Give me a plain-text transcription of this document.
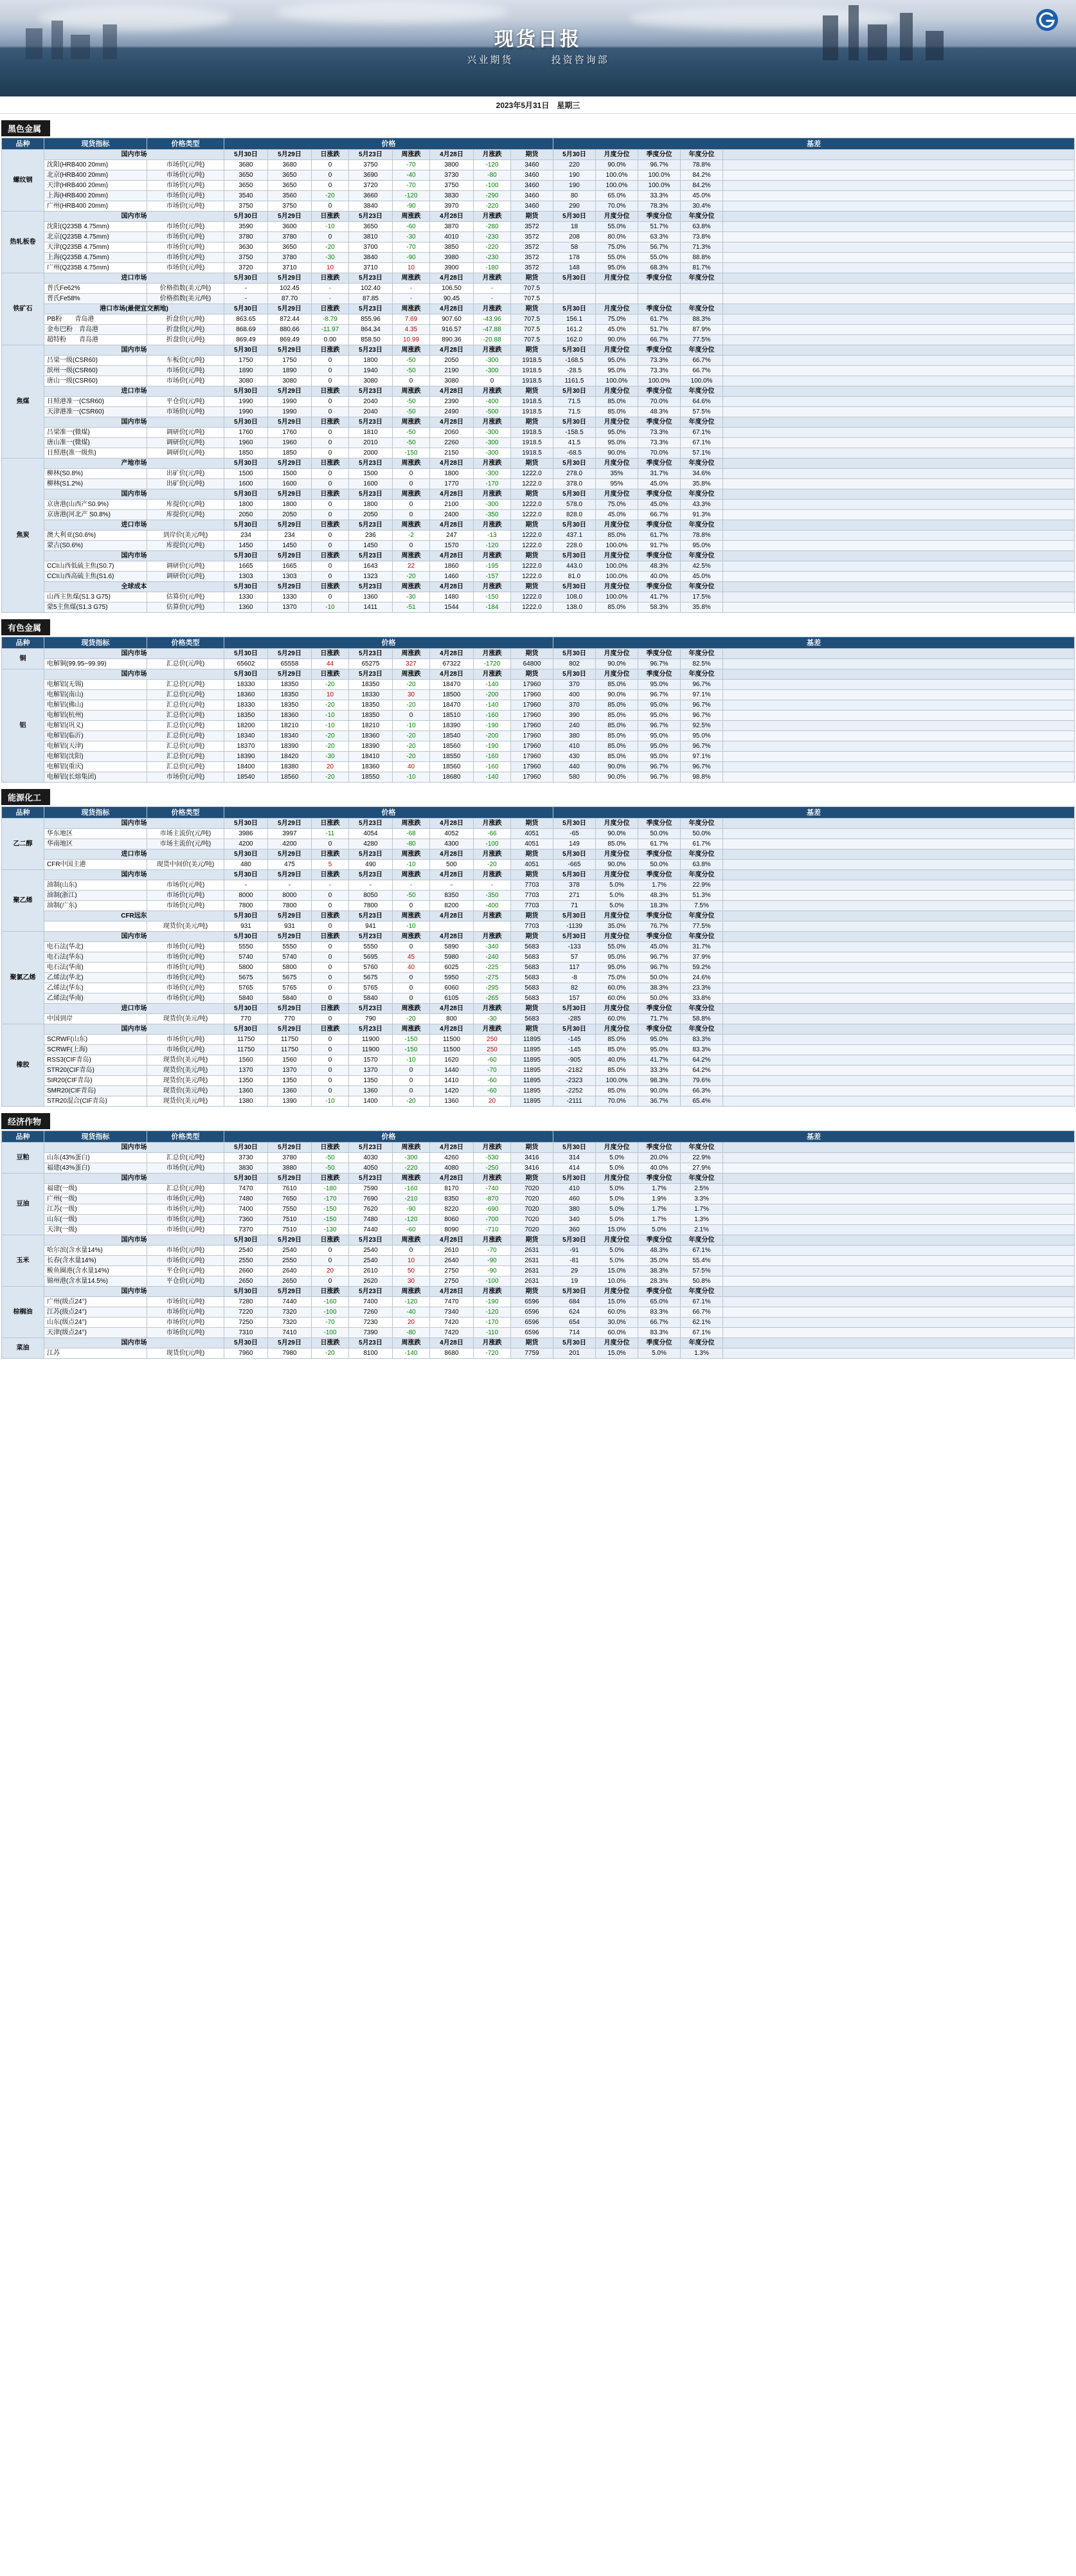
现货日报
兴业期货	投资咨询部
2023年5月31日　星期三
黑色金属
品种	现货指标	价格类型	价格								基差				
螺纹钢	国内市场		5月30日	5月29日	日涨跌	5月23日	周涨跌	4月28日	月涨跌	期货	5月30日	月度分位	季度分位	年度分位	
	沈阳(HRB400 20mm)	市场价(元/吨)	3680	3680	0	3750	-70	3800	-120	3460	220	90.0%	96.7%	78.8%	
	北京(HRB400 20mm)	市场价(元/吨)	3650	3650	0	3690	-40	3730	-80	3460	190	100.0%	100.0%	84.2%	
	天津(HRB400 20mm)	市场价(元/吨)	3650	3650	0	3720	-70	3750	-100	3460	190	100.0%	100.0%	84.2%	
	上海(HRB400 20mm)	市场价(元/吨)	3540	3560	-20	3660	-120	3830	-290	3460	80	65.0%	33.3%	45.0%	
	广州(HRB400 20mm)	市场价(元/吨)	3750	3750	0	3840	-90	3970	-220	3460	290	70.0%	78.3%	30.4%	
热轧板卷	国内市场		5月30日	5月29日	日涨跌	5月23日	周涨跌	4月28日	月涨跌	期货	5月30日	月度分位	季度分位	年度分位	
	沈阳(Q235B 4.75mm)	市场价(元/吨)	3590	3600	-10	3650	-60	3870	-280	3572	18	55.0%	51.7%	63.8%	
	北京(Q235B 4.75mm)	市场价(元/吨)	3780	3780	0	3810	-30	4010	-230	3572	208	80.0%	63.3%	73.8%	
	天津(Q235B 4.75mm)	市场价(元/吨)	3630	3650	-20	3700	-70	3850	-220	3572	58	75.0%	56.7%	71.3%	
	上海(Q235B 4.75mm)	市场价(元/吨)	3750	3780	-30	3840	-90	3980	-230	3572	178	55.0%	55.0%	88.8%	
	广州(Q235B 4.75mm)	市场价(元/吨)	3720	3710	10	3710	10	3900	-180	3572	148	95.0%	68.3%	81.7%	
铁矿石	进口市场		5月30日	5月29日	日涨跌	5月23日	周涨跌	4月28日	月涨跌	期货	5月30日	月度分位	季度分位	年度分位	
	普氏Fe62%	价格指数(美元/吨)	-	102.45	-	102.40	-	106.50	-	707.5					
	普氏Fe58%	价格指数(美元/吨)	-	87.70	-	87.85	-	90.45	-	707.5					
	港口市场(最便宜交割地)		5月30日	5月29日	日涨跌	5月23日	周涨跌	4月28日	月涨跌	期货	5月30日	月度分位	季度分位	年度分位	
	PB粉　　青岛港	折盘价(元/吨)	863.65	872.44	-8.79	855.96	7.69	907.60	-43.96	707.5	156.1	75.0%	61.7%	88.3%	
	金布巴粉　青岛港	折盘价(元/吨)	868.69	880.66	-11.97	864.34	4.35	916.57	-47.88	707.5	161.2	45.0%	51.7%	87.9%	
	超特粉　　青岛港	折盘价(元/吨)	869.49	869.49	0.00	858.50	10.99	890.36	-20.88	707.5	162.0	90.0%	66.7%	77.5%	
焦煤	国内市场		5月30日	5月29日	日涨跌	5月23日	周涨跌	4月28日	月涨跌	期货	5月30日	月度分位	季度分位	年度分位	
	吕梁一级(CSR60)	车板价(元/吨)	1750	1750	0	1800	-50	2050	-300	1918.5	-168.5	95.0%	73.3%	66.7%	
	滨州一级(CSR60)	市场价(元/吨)	1890	1890	0	1940	-50	2190	-300	1918.5	-28.5	95.0%	73.3%	66.7%	
	唐山一级(CSR60)	市场价(元/吨)	3080	3080	0	3080	0	3080	0	1918.5	1161.5	100.0%	100.0%	100.0%	
	进口市场		5月30日	5月29日	日涨跌	5月23日	周涨跌	4月28日	月涨跌	期货	5月30日	月度分位	季度分位	年度分位	
	日照港准一(CSR60)	平仓价(元/吨)	1990	1990	0	2040	-50	2390	-400	1918.5	71.5	85.0%	70.0%	64.6%	
	天津港准一(CSR60)	市场价(元/吨)	1990	1990	0	2040	-50	2490	-500	1918.5	71.5	85.0%	48.3%	57.5%	
	国内市场		5月30日	5月29日	日涨跌	5月23日	周涨跌	4月28日	月涨跌	期货	5月30日	月度分位	季度分位	年度分位	
	吕梁准一(微煤)	调研价(元/吨)	1760	1760	0	1810	-50	2060	-300	1918.5	-158.5	95.0%	73.3%	67.1%	
	唐山准一(微煤)	调研价(元/吨)	1960	1960	0	2010	-50	2260	-300	1918.5	41.5	95.0%	73.3%	67.1%	
	日照港(准一级焦)	调研价(元/吨)	1850	1850	0	2000	-150	2150	-300	1918.5	-68.5	90.0%	70.0%	57.1%	
焦炭	产地市场		5月30日	5月29日	日涨跌	5月23日	周涨跌	4月28日	月涨跌	期货	5月30日	月度分位	季度分位	年度分位	
	柳林(S0.8%)	出矿价(元/吨)	1500	1500	0	1500	0	1800	-300	1222.0	278.0	35%	31.7%	34.6%	
	柳林(S1.2%)	出矿价(元/吨)	1600	1600	0	1600	0	1770	-170	1222.0	378.0	95%	45.0%	35.8%	
	国内市场		5月30日	5月29日	日涨跌	5月23日	周涨跌	4月28日	月涨跌	期货	5月30日	月度分位	季度分位	年度分位	
	京唐港(山西产S0.9%)	库提价(元/吨)	1800	1800	0	1800	0	2100	-300	1222.0	578.0	75.0%	45.0%	43.3%	
	京唐港(河北产 S0.8%)	库提价(元/吨)	2050	2050	0	2050	0	2400	-350	1222.0	828.0	45.0%	66.7%	91.3%	
	进口市场		5月30日	5月29日	日涨跌	5月23日	周涨跌	4月28日	月涨跌	期货	5月30日	月度分位	季度分位	年度分位	
	澳大利亚(S0.6%)	到岸价(美元/吨)	234	234	0	236	-2	247	-13	1222.0	437.1	85.0%	61.7%	78.8%	
	蒙古(S0.6%)	库提价(元/吨)	1450	1450	0	1450	0	1570	-120	1222.0	228.0	100.0%	91.7%	95.0%	
	国内市场		5月30日	5月29日	日涨跌	5月23日	周涨跌	4月28日	月涨跌	期货	5月30日	月度分位	季度分位	年度分位	
	CCI山西低硫主焦(S0.7)	调研价(元/吨)	1665	1665	0	1643	22	1860	-195	1222.0	443.0	100.0%	48.3%	42.5%	
	CCI山西高硫主焦(S1.6)	调研价(元/吨)	1303	1303	0	1323	-20	1460	-157	1222.0	81.0	100.0%	40.0%	45.0%	
	全球成本		5月30日	5月29日	日涨跌	5月23日	周涨跌	4月28日	月涨跌	期货	5月30日	月度分位	季度分位	年度分位	
	山西主焦煤(S1.3 G75)	估算价(元/吨)	1330	1330	0	1360	-30	1480	-150	1222.0	108.0	100.0%	41.7%	17.5%	
	蒙5主焦煤(S1.3 G75)	估算价(元/吨)	1360	1370	-10	1411	-51	1544	-184	1222.0	138.0	85.0%	58.3%	35.8%	
有色金属
品种	现货指标	价格类型	价格								基差				
铜	国内市场		5月30日	5月29日	日涨跌	5月23日	周涨跌	4月28日	月涨跌	期货	5月30日	月度分位	季度分位	年度分位	
	电解铜(99.95~99.99)	汇总价(元/吨)	65602	65558	44	65275	327	67322	-1720	64800	802	90.0%	96.7%	82.5%	
铝	国内市场		5月30日	5月29日	日涨跌	5月23日	周涨跌	4月28日	月涨跌	期货	5月30日	月度分位	季度分位	年度分位	
	电解铝(无锡)	汇总价(元/吨)	18330	18350	-20	18350	-20	18470	-140	17960	370	85.0%	95.0%	96.7%	
	电解铝(南山)	汇总价(元/吨)	18360	18350	10	18330	30	18500	-200	17960	400	90.0%	96.7%	97.1%	
	电解铝(佛山)	汇总价(元/吨)	18330	18350	-20	18350	-20	18470	-140	17960	370	85.0%	95.0%	96.7%	
	电解铝(杭州)	汇总价(元/吨)	18350	18360	-10	18350	0	18510	-160	17960	390	85.0%	95.0%	96.7%	
	电解铝(巩义)	汇总价(元/吨)	18200	18210	-10	18210	-10	18390	-190	17960	240	85.0%	96.7%	92.5%	
	电解铝(临沂)	汇总价(元/吨)	18340	18340	-20	18360	-20	18540	-200	17960	380	85.0%	95.0%	95.0%	
	电解铝(天津)	汇总价(元/吨)	18370	18390	-20	18390	-20	18560	-190	17960	410	85.0%	95.0%	96.7%	
	电解铝(沈阳)	汇总价(元/吨)	18390	18420	-30	18410	-20	18550	-160	17960	430	85.0%	95.0%	97.1%	
	电解铝(重庆)	汇总价(元/吨)	18400	18380	20	18360	40	18560	-160	17960	440	90.0%	96.7%	96.7%	
	电解铝(长熔集团)	市场价(元/吨)	18540	18560	-20	18550	-10	18680	-140	17960	580	90.0%	96.7%	98.8%	
能源化工
品种	现货指标	价格类型	价格								基差				
乙二醇	国内市场		5月30日	5月29日	日涨跌	5月23日	周涨跌	4月28日	月涨跌	期货	5月30日	月度分位	季度分位	年度分位	
	华东地区	市场主流价(元/吨)	3986	3997	-11	4054	-68	4052	-66	4051	-65	90.0%	50.0%	50.0%	
	华南地区	市场主流价(元/吨)	4200	4200	0	4280	-80	4300	-100	4051	149	85.0%	61.7%	61.7%	
	进口市场		5月30日	5月29日	日涨跌	5月23日	周涨跌	4月28日	月涨跌	期货	5月30日	月度分位	季度分位	年度分位	
	CFR中国主港	现货中间价(美元/吨)	480	475	5	490	-10	500	-20	4051	-665	90.0%	50.0%	63.8%	
聚乙烯	国内市场		5月30日	5月29日	日涨跌	5月23日	周涨跌	4月28日	月涨跌	期货	5月30日	月度分位	季度分位	年度分位	
	油制(山东)	市场价(元/吨)	-	-	-	-	-	-	-	7703	378	5.0%	1.7%	22.9%	
	油制(浙江)	市场价(元/吨)	8000	8000	0	8050	-50	8350	-350	7703	271	5.0%	48.3%	51.3%	
	油制(广东)	市场价(元/吨)	7800	7800	0	7800	0	8200	-400	7703	71	5.0%	18.3%	7.5%	
	CFR远东		5月30日	5月29日	日涨跌	5月23日	周涨跌	4月28日	月涨跌	期货	5月30日	月度分位	季度分位	年度分位	
		现货价(美元/吨)	931	931	0	941	-10			7703	-1139	35.0%	76.7%	77.5%	
聚氯乙烯	国内市场		5月30日	5月29日	日涨跌	5月23日	周涨跌	4月28日	月涨跌	期货	5月30日	月度分位	季度分位	年度分位	
	电石法(华北)	市场价(元/吨)	5550	5550	0	5550	0	5890	-340	5683	-133	55.0%	45.0%	31.7%	
	电石法(华东)	市场价(元/吨)	5740	5740	0	5695	45	5980	-240	5683	57	95.0%	96.7%	37.9%	
	电石法(华南)	市场价(元/吨)	5800	5800	0	5760	40	6025	-225	5683	117	95.0%	96.7%	59.2%	
	乙烯法(华北)	市场价(元/吨)	5675	5675	0	5675	0	5950	-275	5683	-8	75.0%	50.0%	24.6%	
	乙烯法(华东)	市场价(元/吨)	5765	5765	0	5765	0	6060	-295	5683	82	60.0%	38.3%	23.3%	
	乙烯法(华南)	市场价(元/吨)	5840	5840	0	5840	0	6105	-265	5683	157	60.0%	50.0%	33.8%	
	进口市场		5月30日	5月29日	日涨跌	5月23日	周涨跌	4月28日	月涨跌	期货	5月30日	月度分位	季度分位	年度分位	
	中国到岸	现货价(美元/吨)	770	770	0	790	-20	800	-30	5683	-285	60.0%	71.7%	58.8%	
橡胶	国内市场		5月30日	5月29日	日涨跌	5月23日	周涨跌	4月28日	月涨跌	期货	5月30日	月度分位	季度分位	年度分位	
	SCRWF(山东)	市场价(元/吨)	11750	11750	0	11900	-150	11500	250	11895	-145	85.0%	95.0%	83.3%	
	SCRWF(上海)	市场价(元/吨)	11750	11750	0	11900	-150	11500	250	11895	-145	85.0%	95.0%	83.3%	
	RSS3(CIF青岛)	现货价(美元/吨)	1560	1560	0	1570	-10	1620	-60	11895	-905	40.0%	41.7%	64.2%	
	STR20(CIF青岛)	现货价(美元/吨)	1370	1370	0	1370	0	1440	-70	11895	-2182	85.0%	33.3%	64.2%	
	SIR20(CIF青岛)	现货价(美元/吨)	1350	1350	0	1350	0	1410	-60	11895	-2323	100.0%	98.3%	79.6%	
	SMR20(CIF青岛)	现货价(美元/吨)	1360	1360	0	1360	0	1420	-60	11895	-2252	85.0%	90.0%	66.3%	
	STR20混合(CIF青岛)	现货价(美元/吨)	1380	1390	-10	1400	-20	1360	20	11895	-2111	70.0%	36.7%	65.4%	
经济作物
品种	现货指标	价格类型	价格								基差				
豆粕	国内市场		5月30日	5月29日	日涨跌	5月23日	周涨跌	4月28日	月涨跌	期货	5月30日	月度分位	季度分位	年度分位	
	山东(43%蛋白)	汇总价(元/吨)	3730	3780	-50	4030	-300	4260	-530	3416	314	5.0%	20.0%	22.9%	
	福建(43%蛋白)	市场价(元/吨)	3830	3880	-50	4050	-220	4080	-250	3416	414	5.0%	40.0%	27.9%	
豆油	国内市场		5月30日	5月29日	日涨跌	5月23日	周涨跌	4月28日	月涨跌	期货	5月30日	月度分位	季度分位	年度分位	
	福建(一级)	汇总价(元/吨)	7470	7610	-180	7590	-160	8170	-740	7020	410	5.0%	1.7%	2.5%	
	广州(一级)	市场价(元/吨)	7480	7650	-170	7690	-210	8350	-870	7020	460	5.0%	1.9%	3.3%	
	江苏(一级)	市场价(元/吨)	7400	7550	-150	7620	-90	8220	-690	7020	380	5.0%	1.7%	1.7%	
	山东(一级)	市场价(元/吨)	7360	7510	-150	7480	-120	8060	-700	7020	340	5.0%	1.7%	1.3%	
	天津(一级)	市场价(元/吨)	7370	7510	-130	7440	-60	8090	-710	7020	360	15.0%	5.0%	2.1%	
玉米	国内市场		5月30日	5月29日	日涨跌	5月23日	周涨跌	4月28日	月涨跌	期货	5月30日	月度分位	季度分位	年度分位	
	哈尔滨(含水量14%)	市场价(元/吨)	2540	2540	0	2540	0	2610	-70	2631	-91	5.0%	48.3%	67.1%	
	长春(含水量14%)	市场价(元/吨)	2550	2550	0	2540	10	2640	-90	2631	-81	5.0%	35.0%	55.4%	
	鲅鱼圈港(含水量14%)	平仓价(元/吨)	2660	2640	20	2610	50	2750	-90	2631	29	15.0%	38.3%	57.5%	
	锦州港(含水量14.5%)	平仓价(元/吨)	2650	2650	0	2620	30	2750	-100	2631	19	10.0%	28.3%	50.8%	
棕榈油	国内市场		5月30日	5月29日	日涨跌	5月23日	周涨跌	4月28日	月涨跌	期货	5月30日	月度分位	季度分位	年度分位	
	广州(级点24°)	市场价(元/吨)	7280	7440	-160	7400	-120	7470	-190	6596	684	15.0%	65.0%	67.1%	
	江苏(级点24°)	市场价(元/吨)	7220	7320	-100	7260	-40	7340	-120	6596	624	60.0%	83.3%	66.7%	
	山东(级点24°)	市场价(元/吨)	7250	7320	-70	7230	20	7420	-170	6596	654	30.0%	66.7%	62.1%	
	天津(级点24°)	市场价(元/吨)	7310	7410	-100	7390	-80	7420	-110	6596	714	60.0%	83.3%	67.1%	
菜油	国内市场		5月30日	5月29日	日涨跌	5月23日	周涨跌	4月28日	月涨跌	期货	5月30日	月度分位	季度分位	年度分位	
	江苏	现货价(元/吨)	7960	7980	-20	8100	-140	8680	-720	7759	201	15.0%	5.0%	1.3%	
